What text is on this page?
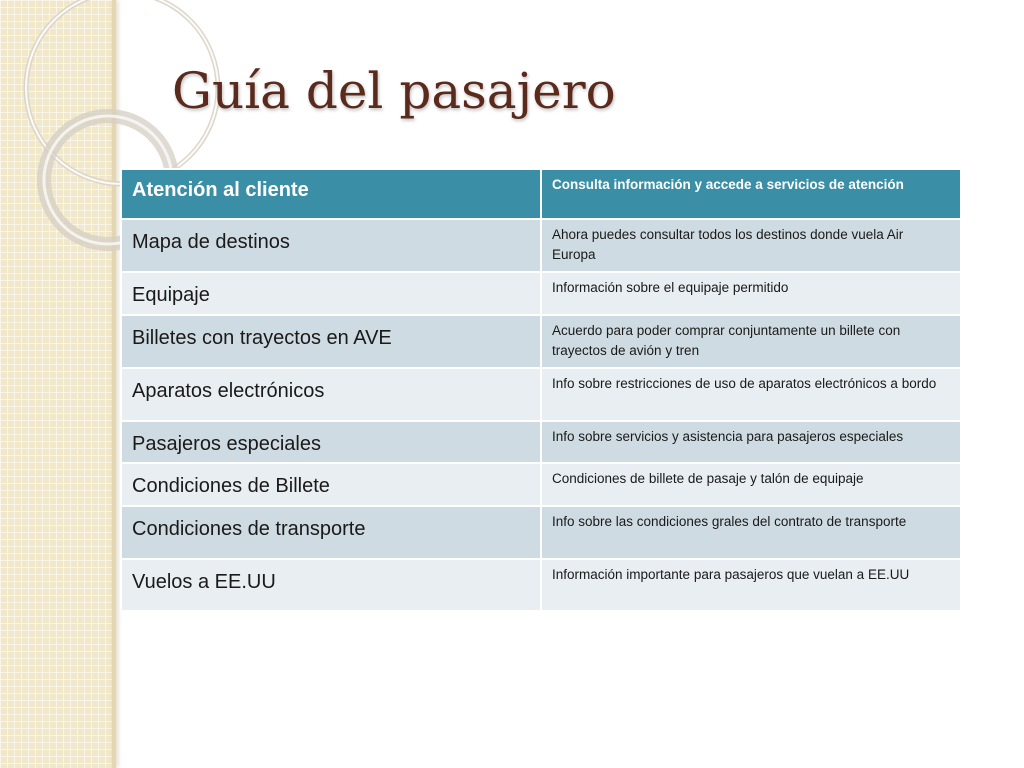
Guía del pasajero
Atención al cliente	Consulta información y accede a servicios de atención
Mapa de destinos	Ahora puedes consultar todos los destinos donde vuela Air Europa
Equipaje	Información sobre el equipaje permitido
Billetes con trayectos en AVE	Acuerdo para poder comprar conjuntamente un billete con trayectos de avión y tren
Aparatos electrónicos	Info sobre restricciones de uso de aparatos electrónicos a bordo
Pasajeros especiales	Info sobre servicios y asistencia para pasajeros especiales
Condiciones de Billete	Condiciones de billete de pasaje y talón de equipaje
Condiciones de transporte	Info sobre las condiciones grales del contrato de transporte
Vuelos a EE.UU	Información importante para pasajeros que vuelan a EE.UU
